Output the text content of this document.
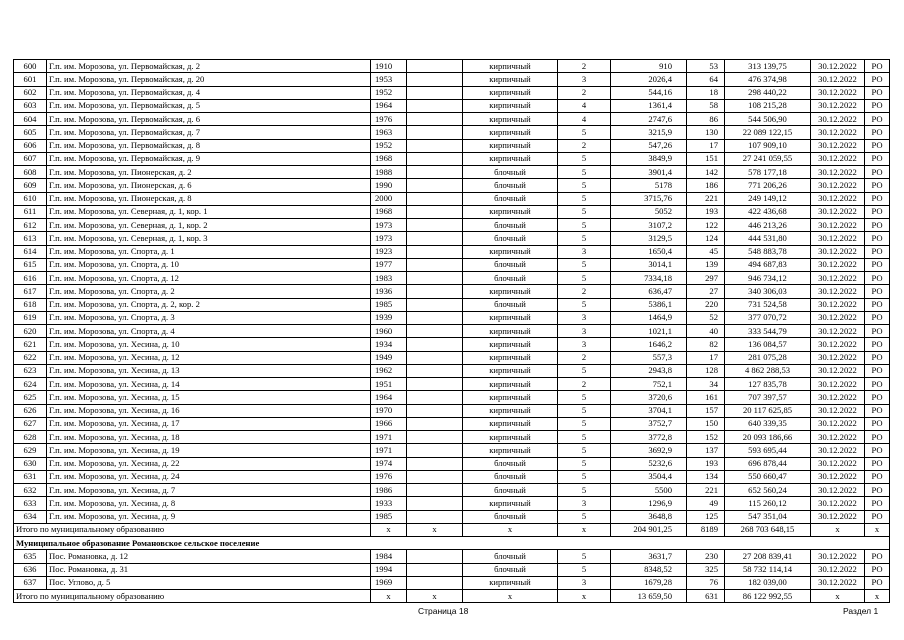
600	Г.п. им. Морозова, ул. Первомайская, д. 2	1910		кирпичный	2	910	53	313 139,75	30.12.2022	РО
601	Г.п. им. Морозова, ул. Первомайская, д. 20	1953		кирпичный	3	2026,4	64	476 374,98	30.12.2022	РО
602	Г.п. им. Морозова, ул. Первомайская, д. 4	1952		кирпичный	2	544,16	18	298 440,22	30.12.2022	РО
603	Г.п. им. Морозова, ул. Первомайская, д. 5	1964		кирпичный	4	1361,4	58	108 215,28	30.12.2022	РО
604	Г.п. им. Морозова, ул. Первомайская, д. 6	1976		кирпичный	4	2747,6	86	544 506,90	30.12.2022	РО
605	Г.п. им. Морозова, ул. Первомайская, д. 7	1963		кирпичный	5	3215,9	130	22 089 122,15	30.12.2022	РО
606	Г.п. им. Морозова, ул. Первомайская, д. 8	1952		кирпичный	2	547,26	17	107 909,10	30.12.2022	РО
607	Г.п. им. Морозова, ул. Первомайская, д. 9	1968		кирпичный	5	3849,9	151	27 241 059,55	30.12.2022	РО
608	Г.п. им. Морозова, ул. Пионерская, д. 2	1988		блочный	5	3901,4	142	578 177,18	30.12.2022	РО
609	Г.п. им. Морозова, ул. Пионерская, д. 6	1990		блочный	5	5178	186	771 206,26	30.12.2022	РО
610	Г.п. им. Морозова, ул. Пионерская, д. 8	2000		блочный	5	3715,76	221	249 149,12	30.12.2022	РО
611	Г.п. им. Морозова, ул. Северная, д. 1, кор. 1	1968		кирпичный	5	5052	193	422 436,68	30.12.2022	РО
612	Г.п. им. Морозова, ул. Северная, д. 1, кор. 2	1973		блочный	5	3107,2	122	446 213,26	30.12.2022	РО
613	Г.п. им. Морозова, ул. Северная, д. 1, кор. 3	1973		блочный	5	3129,5	124	444 531,80	30.12.2022	РО
614	Г.п. им. Морозова, ул. Спорта, д. 1	1923		кирпичный	3	1650,4	45	548 883,78	30.12.2022	РО
615	Г.п. им. Морозова, ул. Спорта, д. 10	1977		блочный	5	3014,1	139	494 687,83	30.12.2022	РО
616	Г.п. им. Морозова, ул. Спорта, д. 12	1983		блочный	5	7334,18	297	946 734,12	30.12.2022	РО
617	Г.п. им. Морозова, ул. Спорта, д. 2	1936		кирпичный	2	636,47	27	340 306,03	30.12.2022	РО
618	Г.п. им. Морозова, ул. Спорта, д. 2, кор. 2	1985		блочный	5	5386,1	220	731 524,58	30.12.2022	РО
619	Г.п. им. Морозова, ул. Спорта, д. 3	1939		кирпичный	3	1464,9	52	377 070,72	30.12.2022	РО
620	Г.п. им. Морозова, ул. Спорта, д. 4	1960		кирпичный	3	1021,1	40	333 544,79	30.12.2022	РО
621	Г.п. им. Морозова, ул. Хесина, д. 10	1934		кирпичный	3	1646,2	82	136 084,57	30.12.2022	РО
622	Г.п. им. Морозова, ул. Хесина, д. 12	1949		кирпичный	2	557,3	17	281 075,28	30.12.2022	РО
623	Г.п. им. Морозова, ул. Хесина, д. 13	1962		кирпичный	5	2943,8	128	4 862 288,53	30.12.2022	РО
624	Г.п. им. Морозова, ул. Хесина, д. 14	1951		кирпичный	2	752,1	34	127 835,78	30.12.2022	РО
625	Г.п. им. Морозова, ул. Хесина, д. 15	1964		кирпичный	5	3720,6	161	707 397,57	30.12.2022	РО
626	Г.п. им. Морозова, ул. Хесина, д. 16	1970		кирпичный	5	3704,1	157	20 117 625,85	30.12.2022	РО
627	Г.п. им. Морозова, ул. Хесина, д. 17	1966		кирпичный	5	3752,7	150	640 339,35	30.12.2022	РО
628	Г.п. им. Морозова, ул. Хесина, д. 18	1971		кирпичный	5	3772,8	152	20 093 186,66	30.12.2022	РО
629	Г.п. им. Морозова, ул. Хесина, д. 19	1971		кирпичный	5	3692,9	137	593 695,44	30.12.2022	РО
630	Г.п. им. Морозова, ул. Хесина, д. 22	1974		блочный	5	5232,6	193	696 878,44	30.12.2022	РО
631	Г.п. им. Морозова, ул. Хесина, д. 24	1976		блочный	5	3504,4	134	550 660,47	30.12.2022	РО
632	Г.п. им. Морозова, ул. Хесина, д. 7	1986		блочный	5	5500	221	652 560,24	30.12.2022	РО
633	Г.п. им. Морозова, ул. Хесина, д. 8	1933		кирпичный	3	1296,9	49	115 260,12	30.12.2022	РО
634	Г.п. им. Морозова, ул. Хесина, д. 9	1985		блочный	5	3648,8	125	547 351,04	30.12.2022	РО
Итого по муниципальному образованию		х	х	х	х	204 901,25	8189	268 703 648,15	х	х
Муниципальное образование Романовское сельское поселение										
635	Пос. Романовка, д. 12	1984		блочный	5	3631,7	230	27 208 839,41	30.12.2022	РО
636	Пос. Романовка, д. 31	1994		блочный	5	8348,52	325	58 732 114,14	30.12.2022	РО
637	Пос. Углово, д. 5	1969		кирпичный	3	1679,28	76	182 039,00	30.12.2022	РО
Итого по муниципальному образованию		х	х	х	х	13 659,50	631	86 122 992,55	х	х
Страница 18	Раздел 1
